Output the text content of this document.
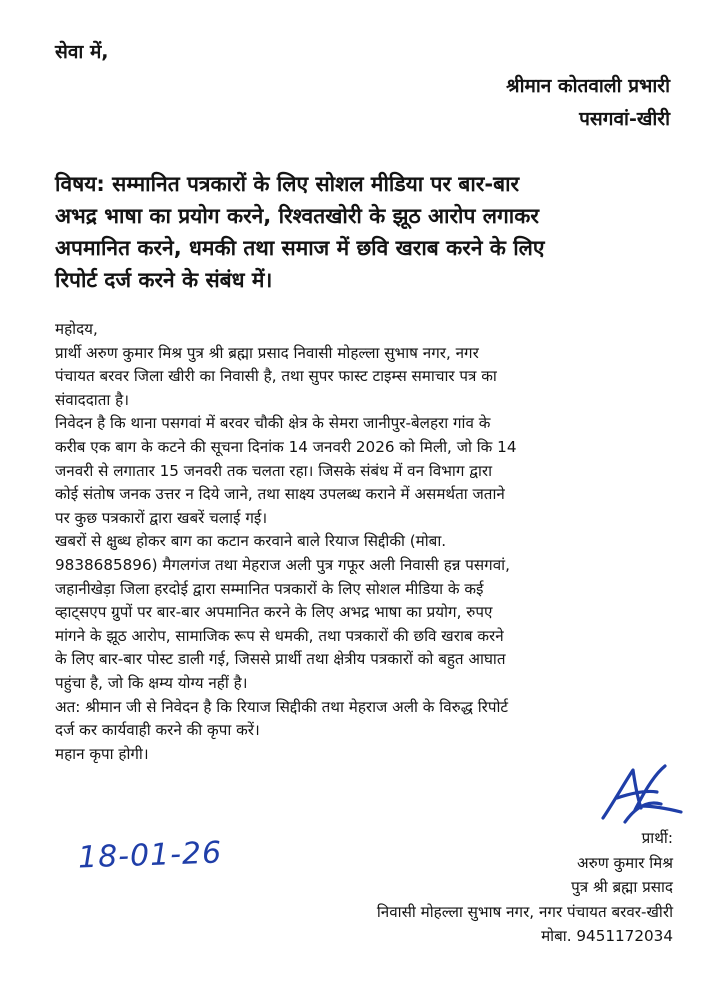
सेवा में,
श्रीमान कोतवाली प्रभारी
पसगवां-खीरी
विषय: सम्मानित पत्रकारों के लिए सोशल मीडिया पर बार-बार
अभद्र भाषा का प्रयोग करने, रिश्वतखोरी के झूठ आरोप लगाकर
अपमानित करने, धमकी तथा समाज में छवि खराब करने के लिए
रिपोर्ट दर्ज करने के संबंध में।
महोदय,
प्रार्थी अरुण कुमार मिश्र पुत्र श्री ब्रह्मा प्रसाद निवासी मोहल्ला सुभाष नगर, नगर
पंचायत बरवर जिला खीरी का निवासी है, तथा सुपर फास्ट टाइम्स समाचार पत्र का
संवाददाता है।
निवेदन है कि थाना पसगवां में बरवर चौकी क्षेत्र के सेमरा जानीपुर-बेलहरा गांव के
करीब एक बाग के कटने की सूचना दिनांक 14 जनवरी 2026 को मिली, जो कि 14
जनवरी से लगातार 15 जनवरी तक चलता रहा। जिसके संबंध में वन विभाग द्वारा
कोई संतोष जनक उत्तर न दिये जाने, तथा साक्ष्य उपलब्ध कराने में असमर्थता जताने
पर कुछ पत्रकारों द्वारा खबरें चलाई गई।
खबरों से क्षुब्ध होकर बाग का कटान करवाने बाले रियाज सिद्दीकी (मोबा.
9838685896) मैगलगंज तथा मेहराज अली पुत्र गफूर अली निवासी हन्न पसगवां,
जहानीखेड़ा जिला हरदोई द्वारा सम्मानित पत्रकारों के लिए सोशल मीडिया के कई
व्हाट्सएप ग्रुपों पर बार-बार अपमानित करने के लिए अभद्र भाषा का प्रयोग, रुपए
मांगने के झूठ आरोप, सामाजिक रूप से धमकी, तथा पत्रकारों की छवि खराब करने
के लिए बार-बार पोस्ट डाली गई, जिससे प्रार्थी तथा क्षेत्रीय पत्रकारों को बहुत आघात
पहुंचा है, जो कि क्षम्य योग्य नहीं है।
अत: श्रीमान जी से निवेदन है कि रियाज सिद्दीकी तथा मेहराज अली के विरुद्ध रिपोर्ट
दर्ज कर कार्यवाही करने की कृपा करें।
महान कृपा होगी।
18-01-26	प्रार्थी:
अरुण कुमार मिश्र
पुत्र श्री ब्रह्मा प्रसाद
निवासी मोहल्ला सुभाष नगर, नगर पंचायत बरवर-खीरी
मोबा. 9451172034
